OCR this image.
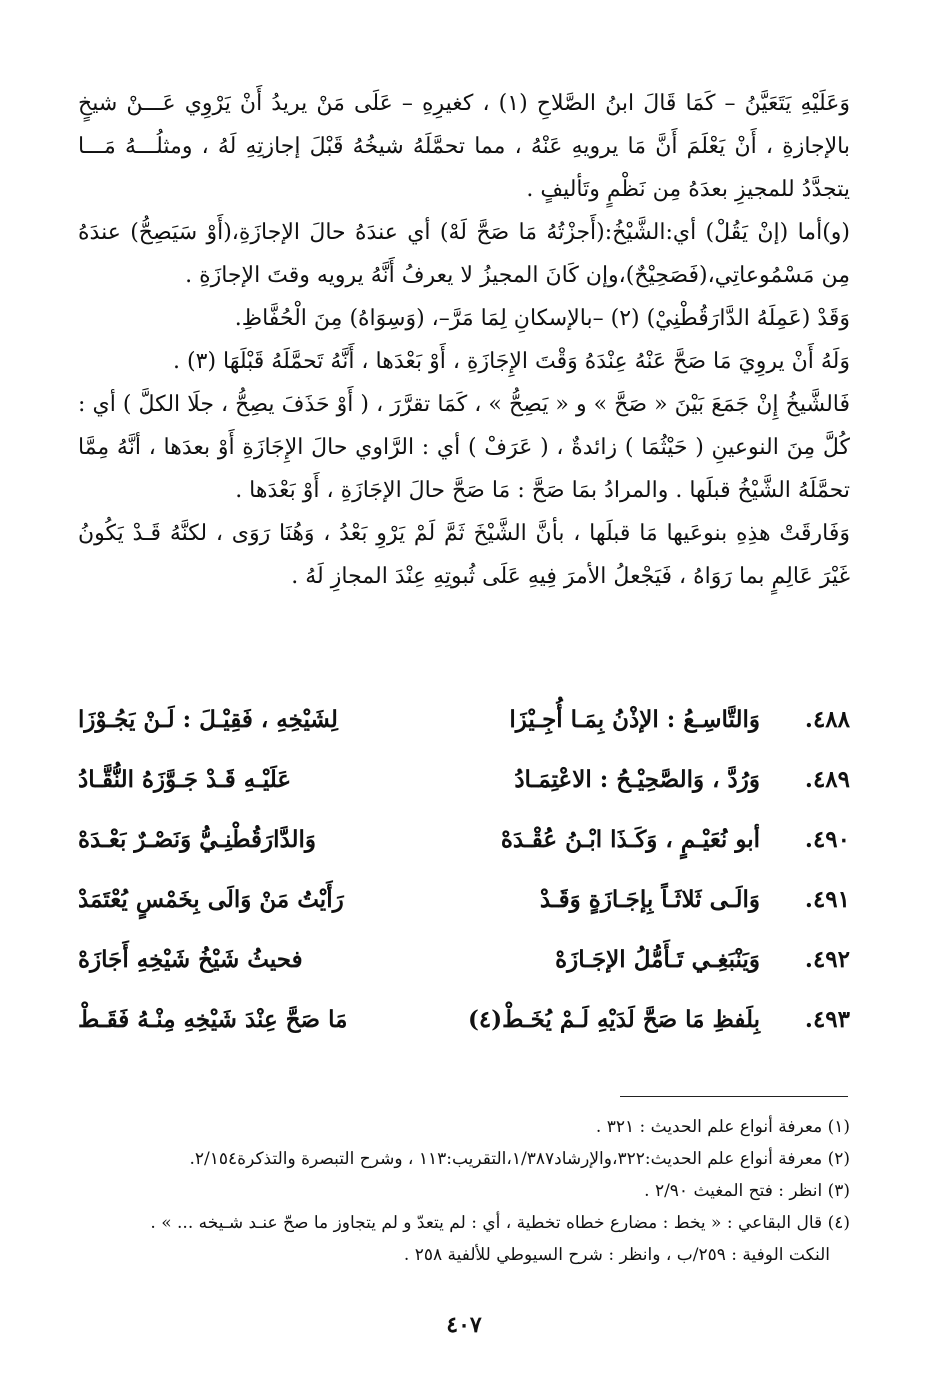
وَعَلَيْهِ يَتَعَيَّنُ – كَمَا قَالَ ابنُ الصَّلاحِ (١) ، كغيرِهِ – عَلَى مَنْ يريدُ أَنْ يَرْوِي عَـــنْ شيخٍ بالإجازةِ ، أَنْ يَعْلَمَ أَنَّ مَا يرويهِ عَنْهُ ، مما تحمَّلَهُ شيخُهُ قَبْلَ إجازتِهِ لَهُ ، ومثلُـــهُ مَـــا يتجدَّدُ للمجيزِ بعدَهُ مِن نَظْمٍ وتَأليفٍ .

(و)أما (إنْ يَقُلْ) أي:الشَّيْخُ:(أَجزْتُهُ مَا صَحَّ لَهْ) أي عندَهُ حالَ الإجازَةِ،(أَوْ سَيَصِحُّ) عندَهُ مِن مَسْمُوعاتِي،(فَصَحِيْحٌ)،وإن كَانَ المجيزُ لا يعرفُ أَنَّهُ يرويه وقتَ الإجازَةِ .

وَقَدْ (عَمِلَهُ الدَّارَقُطْنِيْ) (٢) –بالإسكانِ لِمَا مَرَّ–، (وَسِوَاهُ) مِنَ الْحُفَّاظِ.

وَلَهُ أَنْ يروِيَ مَا صَحَّ عَنْهُ عِنْدَهُ وَقْتَ الإِجَازَةِ ، أَوْ بَعْدَها ، أَنَّهُ تَحمَّلَهُ قَبْلَهَا (٣) .

فَالشَّيخُ إِنْ جَمَعَ بَيْنَ « صَحَّ » و « يَصِحُّ » ، كَمَا تقرَّرَ ، ( أَوْ حَذَفَ يصِحُّ ، جلَا الكلَّ ) أي : كُلَّ مِنَ النوعينِ ( حَيْثُمَا ) زائدةٌ ، ( عَرَفْ ) أي : الرَّاوي حالَ الإِجَازَةِ أَوْ بعدَها ، أنَّهُ مِمَّا تحمَّلَهُ الشَّيْخُ قبلَها . والمرادُ بمَا صَحَّ : مَا صَحَّ حالَ الإجَازَةِ ، أَوْ بَعْدَها .

وَفَارقَتْ هذِهِ بنوعَيها مَا قبلَها ، بأنَّ الشَّيْخَ ثَمَّ لَمْ يَرْوِ بَعْدُ ، وَهُنَا رَوَى ، لكنَّهُ قَـدْ يَكُونُ غَيْرَ عَالِمٍ بما رَوَاهُ ، فَيَجْعلُ الأمرَ فِيهِ عَلَى ثُبوتِهِ عِنْدَ المجازِ لَهُ .

٤٨٨.
وَالتَّاسِـعُ : الإذْنُ بِمَـا أُجِـيْزَا
لِشَيْخِهِ ، فَقِيْـلَ : لَـنْ يَجُـوْزَا
٤٨٩.
وَرُدَّ ، وَالصَّحِيْـحُ : الاعْتِمَـادُ
عَلَيْـهِ قَـدْ جَـوَّزَهُ النُّقَّـادُ
٤٩٠.
أبو نُعَيْـمٍ ، وَكَـذَا ابْـنُ عُقْـدَهْ
وَالدَّارَقُطْنِـيُّ وَنَصْـرٌ بَعْـدَهْ
٤٩١.
وَالَـى ثَلاثَـاً بِإجَـازَةٍ وَقَـدْ
رَأَيْتُ مَنْ وَالَى بِخَمْسٍ يُعْتَمَدْ
٤٩٢.
وَيَنْبَغِـي تَـأَمُّلُ الإجَـازَهْ
فحيثُ شَيْخُ شَيْخِهِ أَجَازَهْ
٤٩٣.
بِلَفظِ مَا صَحَّ لَدَيْهِ لَـمْ يُخَـطْ(٤)
مَا صَحَّ عِنْدَ شَيْخِهِ مِنْـهُ فَقَـطْ

(١) معرفة أنواع علم الحديث : ٣٢١ .

(٢) معرفة أنواع علم الحديث:٣٢٢،والإرشاد١/٣٨٧،التقريب:١١٣ ، وشرح التبصرة والتذكرة٢/١٥٤.

(٣) انظر : فتح المغيث ٢/٩٠ .

(٤) قال البقاعي : « يخط : مضارع خطاه تخطية ، أي : لم يتعدّ و لم يتجاوز ما صحّ عنـد شـيخه ... » .

النكت الوفية : ٢٥٩/ب ، وانظر : شرح السيوطي للألفية ٢٥٨ .

٤٠٧
